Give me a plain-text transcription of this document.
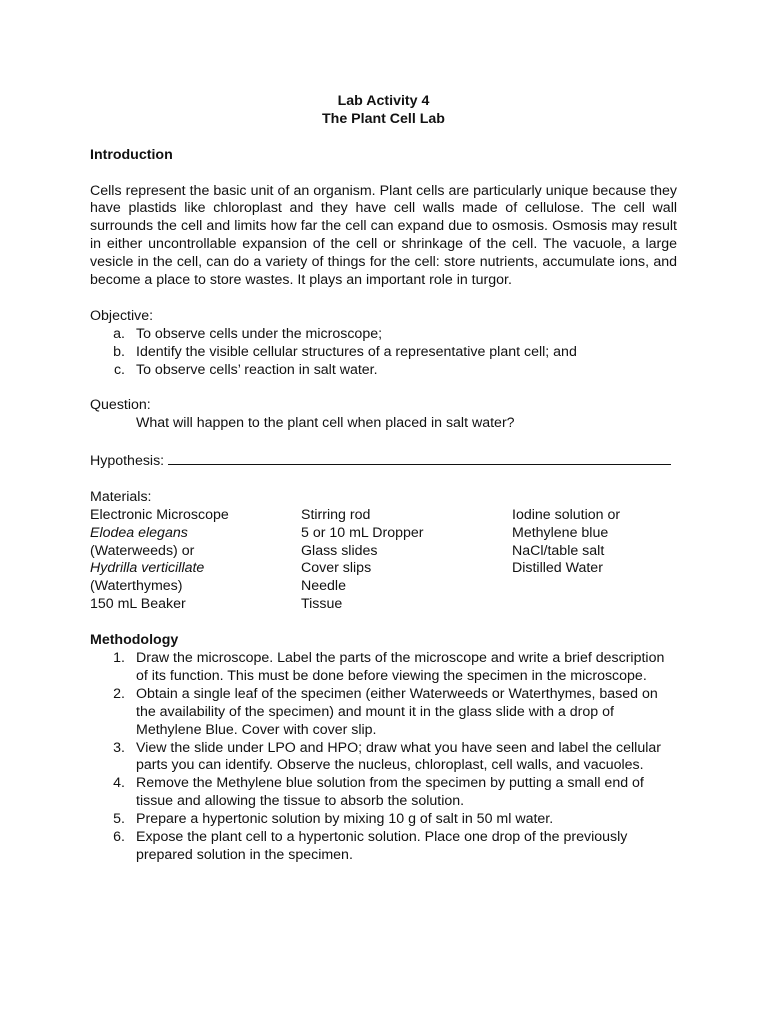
Lab Activity 4
The Plant Cell Lab
Introduction
Cells represent the basic unit of an organism. Plant cells are particularly unique because they have plastids like chloroplast and they have cell walls made of cellulose. The cell wall surrounds the cell and limits how far the cell can expand due to osmosis. Osmosis may result in either uncontrollable expansion of the cell or shrinkage of the cell. The vacuole, a large vesicle in the cell, can do a variety of things for the cell: store nutrients, accumulate ions, and become a place to store wastes. It plays an important role in turgor.
Objective:
a. To observe cells under the microscope;
b. Identify the visible cellular structures of a representative plant cell; and
c. To observe cells’ reaction in salt water.
Question:
What will happen to the plant cell when placed in salt water?
Hypothesis:
Materials:
Electronic Microscope	Stirring rod	Iodine solution or
Elodea elegans	5 or 10 mL Dropper	Methylene blue
(Waterweeds) or	Glass slides	NaCl/table salt
Hydrilla verticillate	Cover slips	Distilled Water
(Waterthymes)	Needle
150 mL Beaker	Tissue
Methodology
1. Draw the microscope. Label the parts of the microscope and write a brief description of its function. This must be done before viewing the specimen in the microscope.
2. Obtain a single leaf of the specimen (either Waterweeds or Waterthymes, based on the availability of the specimen) and mount it in the glass slide with a drop of Methylene Blue. Cover with cover slip.
3. View the slide under LPO and HPO; draw what you have seen and label the cellular parts you can identify. Observe the nucleus, chloroplast, cell walls, and vacuoles.
4. Remove the Methylene blue solution from the specimen by putting a small end of tissue and allowing the tissue to absorb the solution.
5. Prepare a hypertonic solution by mixing 10 g of salt in 50 ml water.
6. Expose the plant cell to a hypertonic solution. Place one drop of the previously prepared solution in the specimen.
